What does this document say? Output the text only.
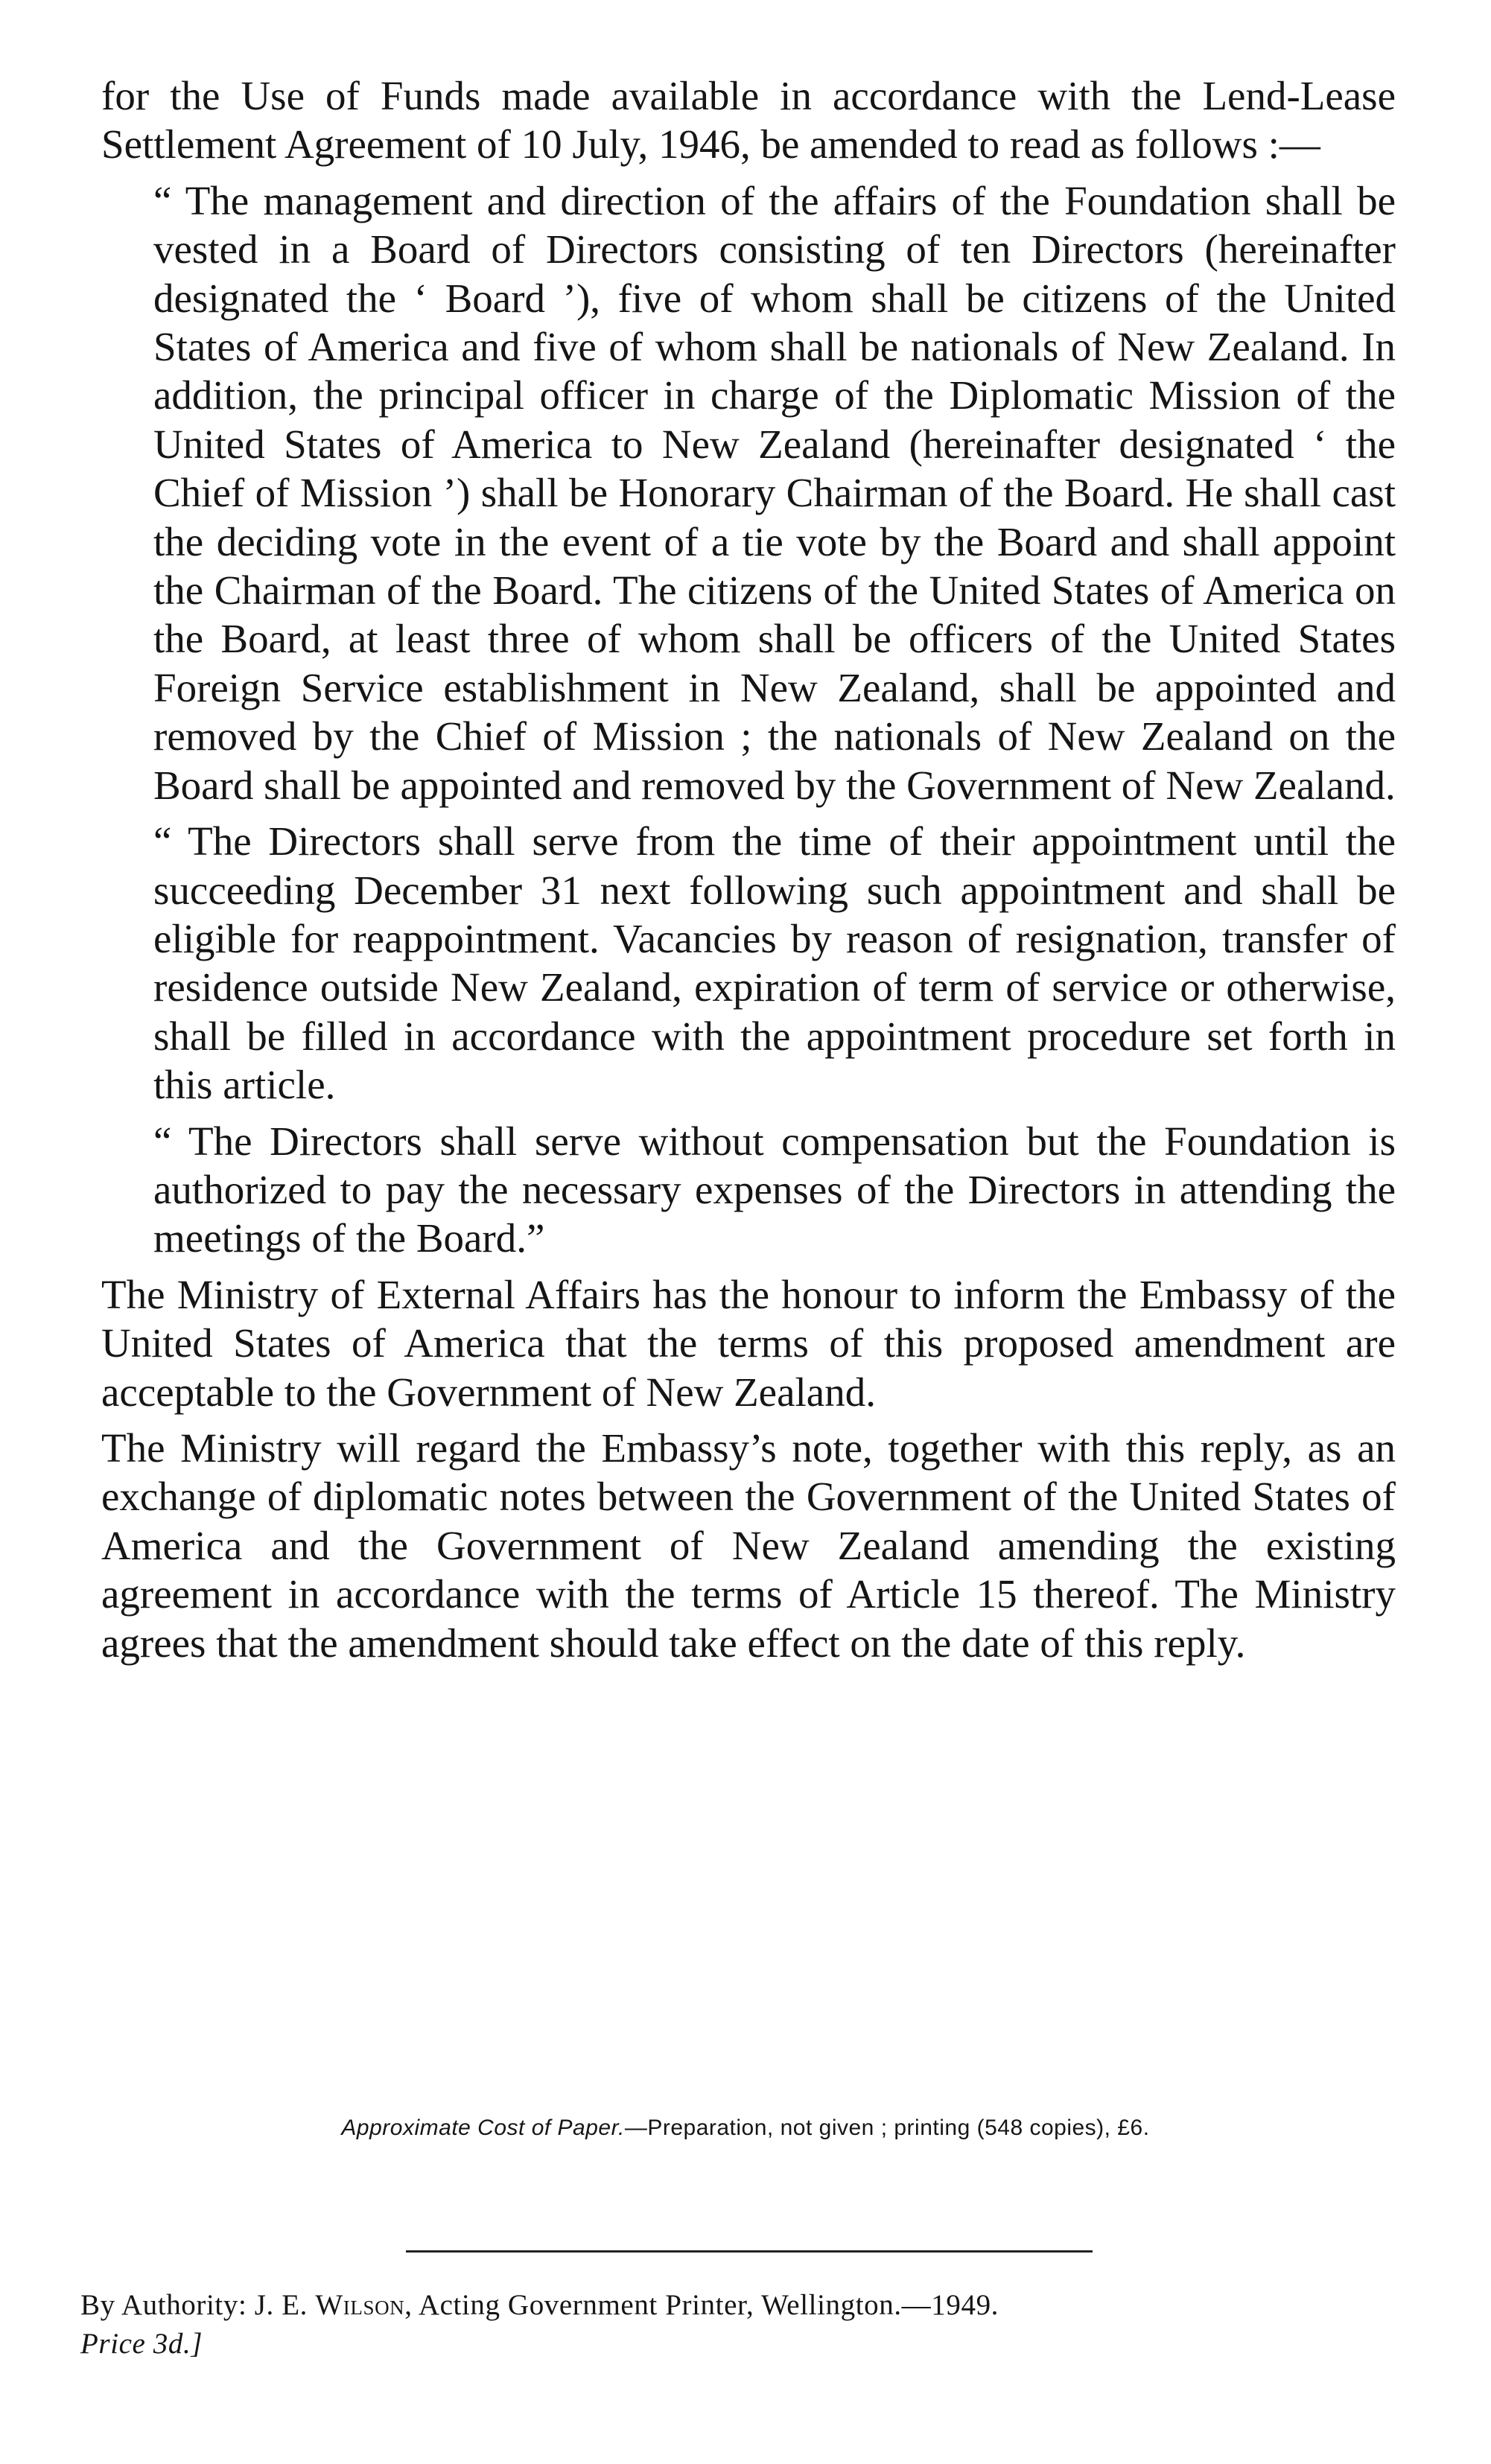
for the Use of Funds made available in accordance with the Lend-Lease Settlement Agreement of 10 July, 1946, be amended to read as follows :—

“ The management and direction of the affairs of the Foundation shall be vested in a Board of Directors consisting of ten Directors (hereinafter designated the ‘ Board ’), five of whom shall be citizens of the United States of America and five of whom shall be nationals of New Zealand. In addition, the principal officer in charge of the Diplomatic Mission of the United States of America to New Zealand (hereinafter designated ‘ the Chief of Mission ’) shall be Honorary Chairman of the Board. He shall cast the deciding vote in the event of a tie vote by the Board and shall appoint the Chairman of the Board. The citizens of the United States of America on the Board, at least three of whom shall be officers of the United States Foreign Service establishment in New Zealand, shall be appointed and removed by the Chief of Mission ; the nationals of New Zealand on the Board shall be appointed and removed by the Government of New Zealand.

“ The Directors shall serve from the time of their appointment until the succeeding December 31 next following such appointment and shall be eligible for reappointment. Vacancies by reason of resignation, transfer of residence outside New Zealand, expiration of term of service or otherwise, shall be filled in accordance with the appointment procedure set forth in this article.

“ The Directors shall serve without compensation but the Foundation is authorized to pay the necessary expenses of the Directors in attending the meetings of the Board.”

The Ministry of External Affairs has the honour to inform the Embassy of the United States of America that the terms of this proposed amendment are acceptable to the Government of New Zealand.

The Ministry will regard the Embassy’s note, together with this reply, as an exchange of diplomatic notes between the Government of the United States of America and the Government of New Zealand amending the existing agreement in accordance with the terms of Article 15 thereof. The Ministry agrees that the amendment should take effect on the date of this reply.

Approximate Cost of Paper.—Preparation, not given ; printing (548 copies), £6.
By Authority: J. E. Wilson, Acting Government Printer, Wellington.—1949.
Price 3d.]
